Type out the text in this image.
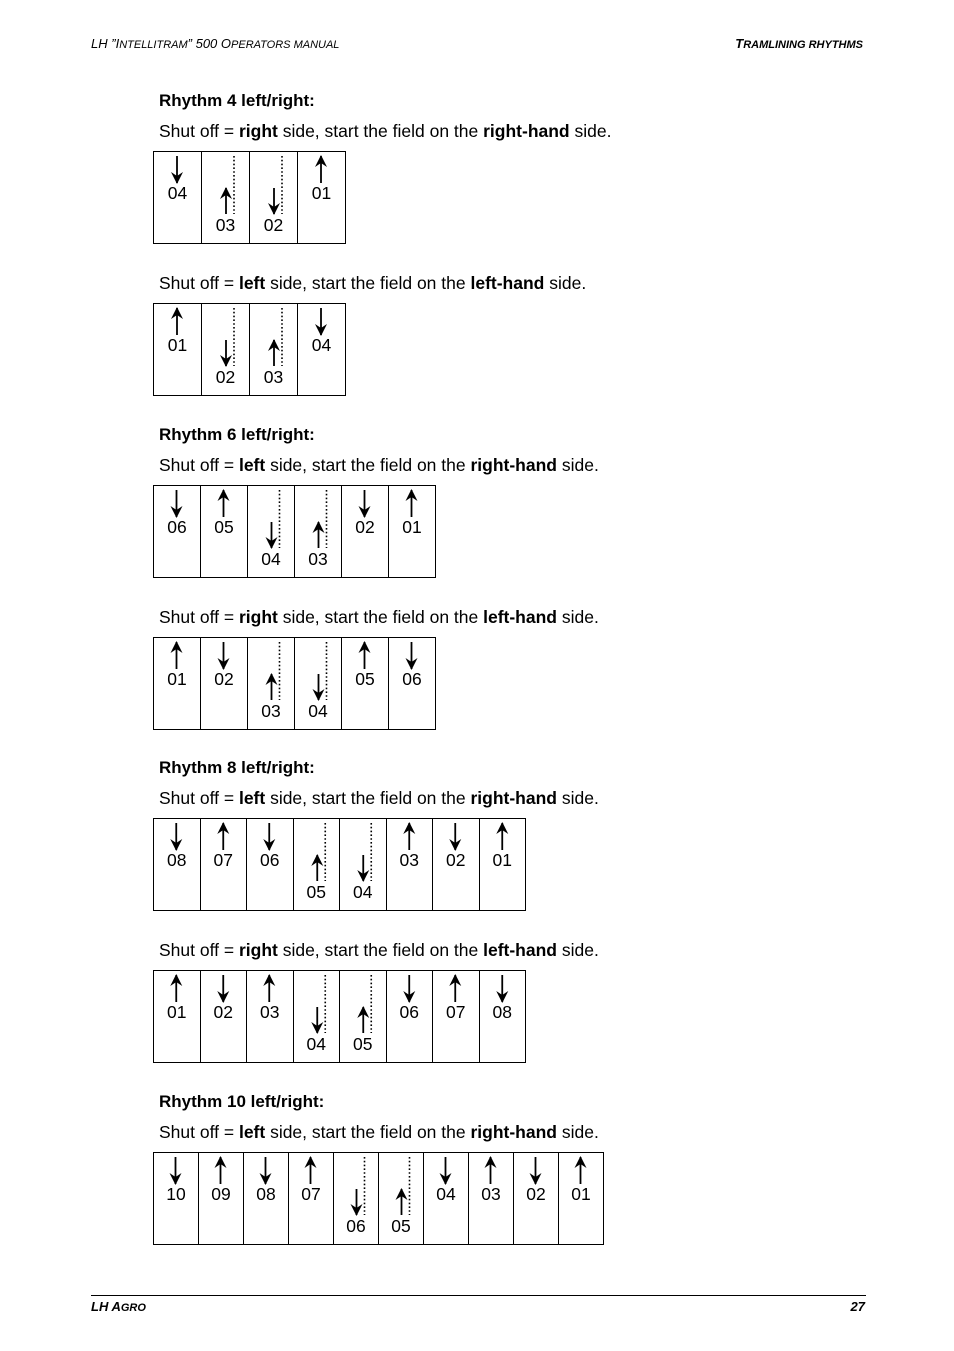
LH ”INTELLITRAM” 500 OPERATORS MANUAL	TRAMLINING RHYTHMS
Rhythm 4 left/right:
Shut off = right side, start the field on the right-hand side.
04
03	02
01
Shut off = left side, start the field on the left-hand side.
01
02	03
04
Rhythm 6 left/right:
Shut off = left side, start the field on the right-hand side.
06	05
04	03
02	01
Shut off = right side, start the field on the left-hand side.
01	02
03	04
05	06
Rhythm 8 left/right:
Shut off = left side, start the field on the right-hand side.
08	07	06
05	04
03	02	01
Shut off = right side, start the field on the left-hand side.
01	02	03
04	05
06	07	08
Rhythm 10 left/right:
Shut off = left side, start the field on the right-hand side.
10	09	08	07
06	05
04	03	02	01
LH AGRO	27
